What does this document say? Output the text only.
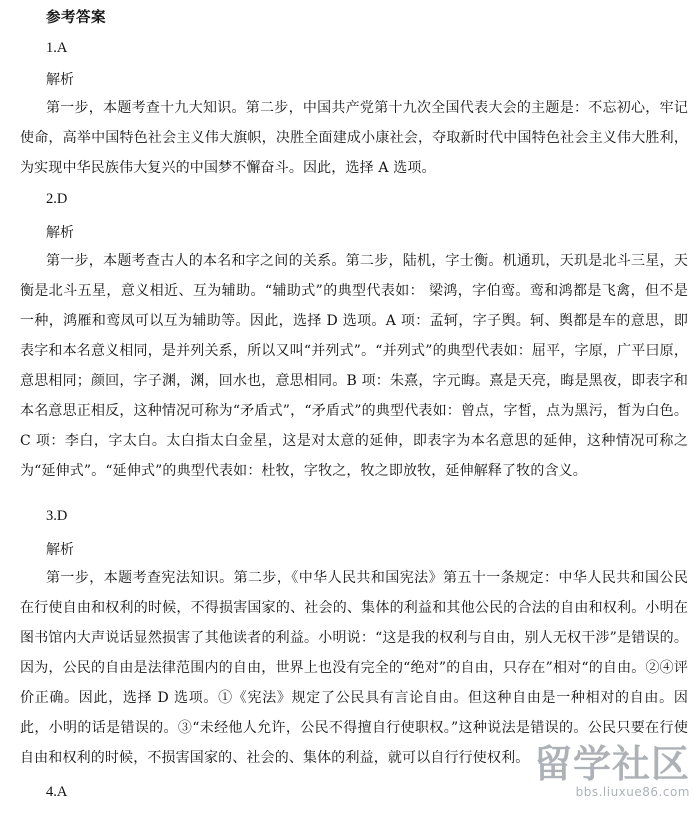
参考答案
1.A
解析
第一步，本题考查十九大知识。第二步，中国共产党第十九次全国代表大会的主题是：不忘初心，牢记使命，高举中国特色社会主义伟大旗帜，决胜全面建成小康社会，夺取新时代中国特色社会主义伟大胜利，为实现中华民族伟大复兴的中国梦不懈奋斗。因此，选择 A 选项。
2.D
解析
第一步，本题考查古人的本名和字之间的关系。第二步，陆机，字士衡。机通玑，天玑是北斗三星，天衡是北斗五星，意义相近、互为辅助。“辅助式”的典型代表如： 梁鸿，字伯鸾。鸾和鸿都是飞禽，但不是一种，鸿雁和鸾凤可以互为辅助等。因此，选择 D 选项。A 项：孟轲，字子舆。轲、舆都是车的意思，即表字和本名意义相同，是并列关系，所以又叫“并列式”。“并列式”的典型代表如：屈平，字原，广平曰原，意思相同；颜回，字子渊，渊，回水也，意思相同。B 项：朱熹，字元晦。熹是天亮，晦是黑夜，即表字和本名意思正相反，这种情况可称为“矛盾式”，“矛盾式”的典型代表如：曾点，字皙，点为黑污，皙为白色。C 项：李白，字太白。太白指太白金星，这是对太意的延伸，即表字为本名意思的延伸，这种情况可称之为“延伸式”。“延伸式”的典型代表如：杜牧，字牧之，牧之即放牧，延伸解释了牧的含义。
3.D
解析
第一步，本题考查宪法知识。第二步，《中华人民共和国宪法》第五十一条规定：中华人民共和国公民在行使自由和权利的时候，不得损害国家的、社会的、集体的利益和其他公民的合法的自由和权利。小明在图书馆内大声说话显然损害了其他读者的利益。小明说：“这是我的权利与自由，别人无权干涉”是错误的。因为，公民的自由是法律范围内的自由，世界上也没有完全的“绝对”的自由，只存在”相对“的自由。②④评价正确。因此，选择 D 选项。①《宪法》规定了公民具有言论自由。但这种自由是一种相对的自由。因此，小明的话是错误的。③“未经他人允许，公民不得擅自行使职权。”这种说法是错误的。公民只要在行使自由和权利的时候，不损害国家的、社会的、集体的利益，就可以自行行使权利。
4.A
留学社区
bbs.liuxue86.com
